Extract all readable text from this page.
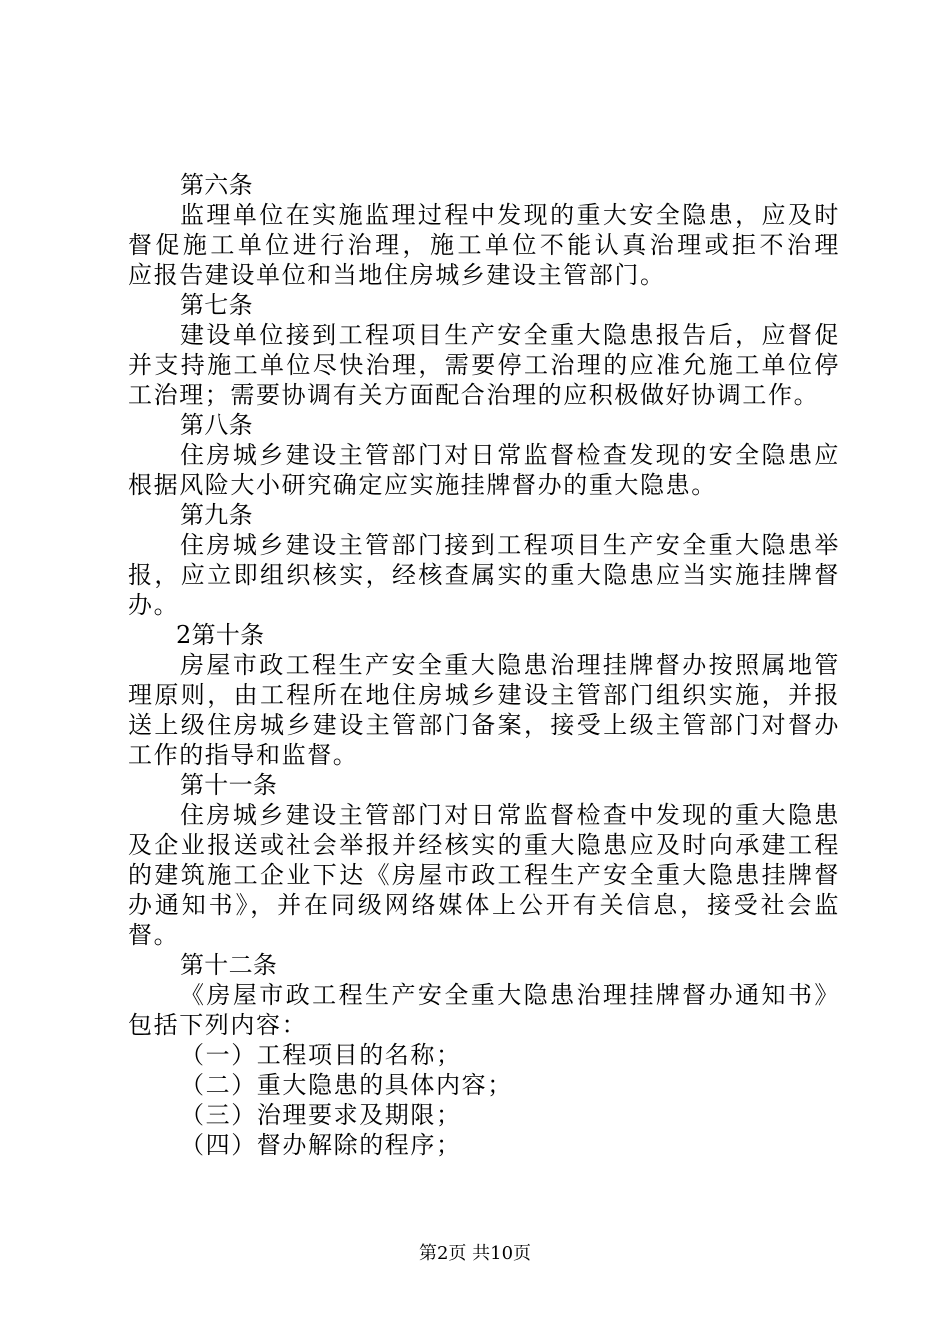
第六条
监理单位在实施监理过程中发现的重大安全隐患，应及时
督促施工单位进行治理，施工单位不能认真治理或拒不治理
应报告建设单位和当地住房城乡建设主管部门。
第七条
建设单位接到工程项目生产安全重大隐患报告后，应督促
并支持施工单位尽快治理，需要停工治理的应准允施工单位停
工治理；需要协调有关方面配合治理的应积极做好协调工作。
第八条
住房城乡建设主管部门对日常监督检查发现的安全隐患应
根据风险大小研究确定应实施挂牌督办的重大隐患。
第九条
住房城乡建设主管部门接到工程项目生产安全重大隐患举
报，应立即组织核实，经核查属实的重大隐患应当实施挂牌督
办。
2第十条
房屋市政工程生产安全重大隐患治理挂牌督办按照属地管
理原则，由工程所在地住房城乡建设主管部门组织实施，并报
送上级住房城乡建设主管部门备案，接受上级主管部门对督办
工作的指导和监督。
第十一条
住房城乡建设主管部门对日常监督检查中发现的重大隐患
及企业报送或社会举报并经核实的重大隐患应及时向承建工程
的建筑施工企业下达《房屋市政工程生产安全重大隐患挂牌督
办通知书》，并在同级网络媒体上公开有关信息，接受社会监
督。
第十二条
《房屋市政工程生产安全重大隐患治理挂牌督办通知书》
包括下列内容：
（一）工程项目的名称；
（二）重大隐患的具体内容；
（三）治理要求及期限；
（四）督办解除的程序；
第2页 共10页
